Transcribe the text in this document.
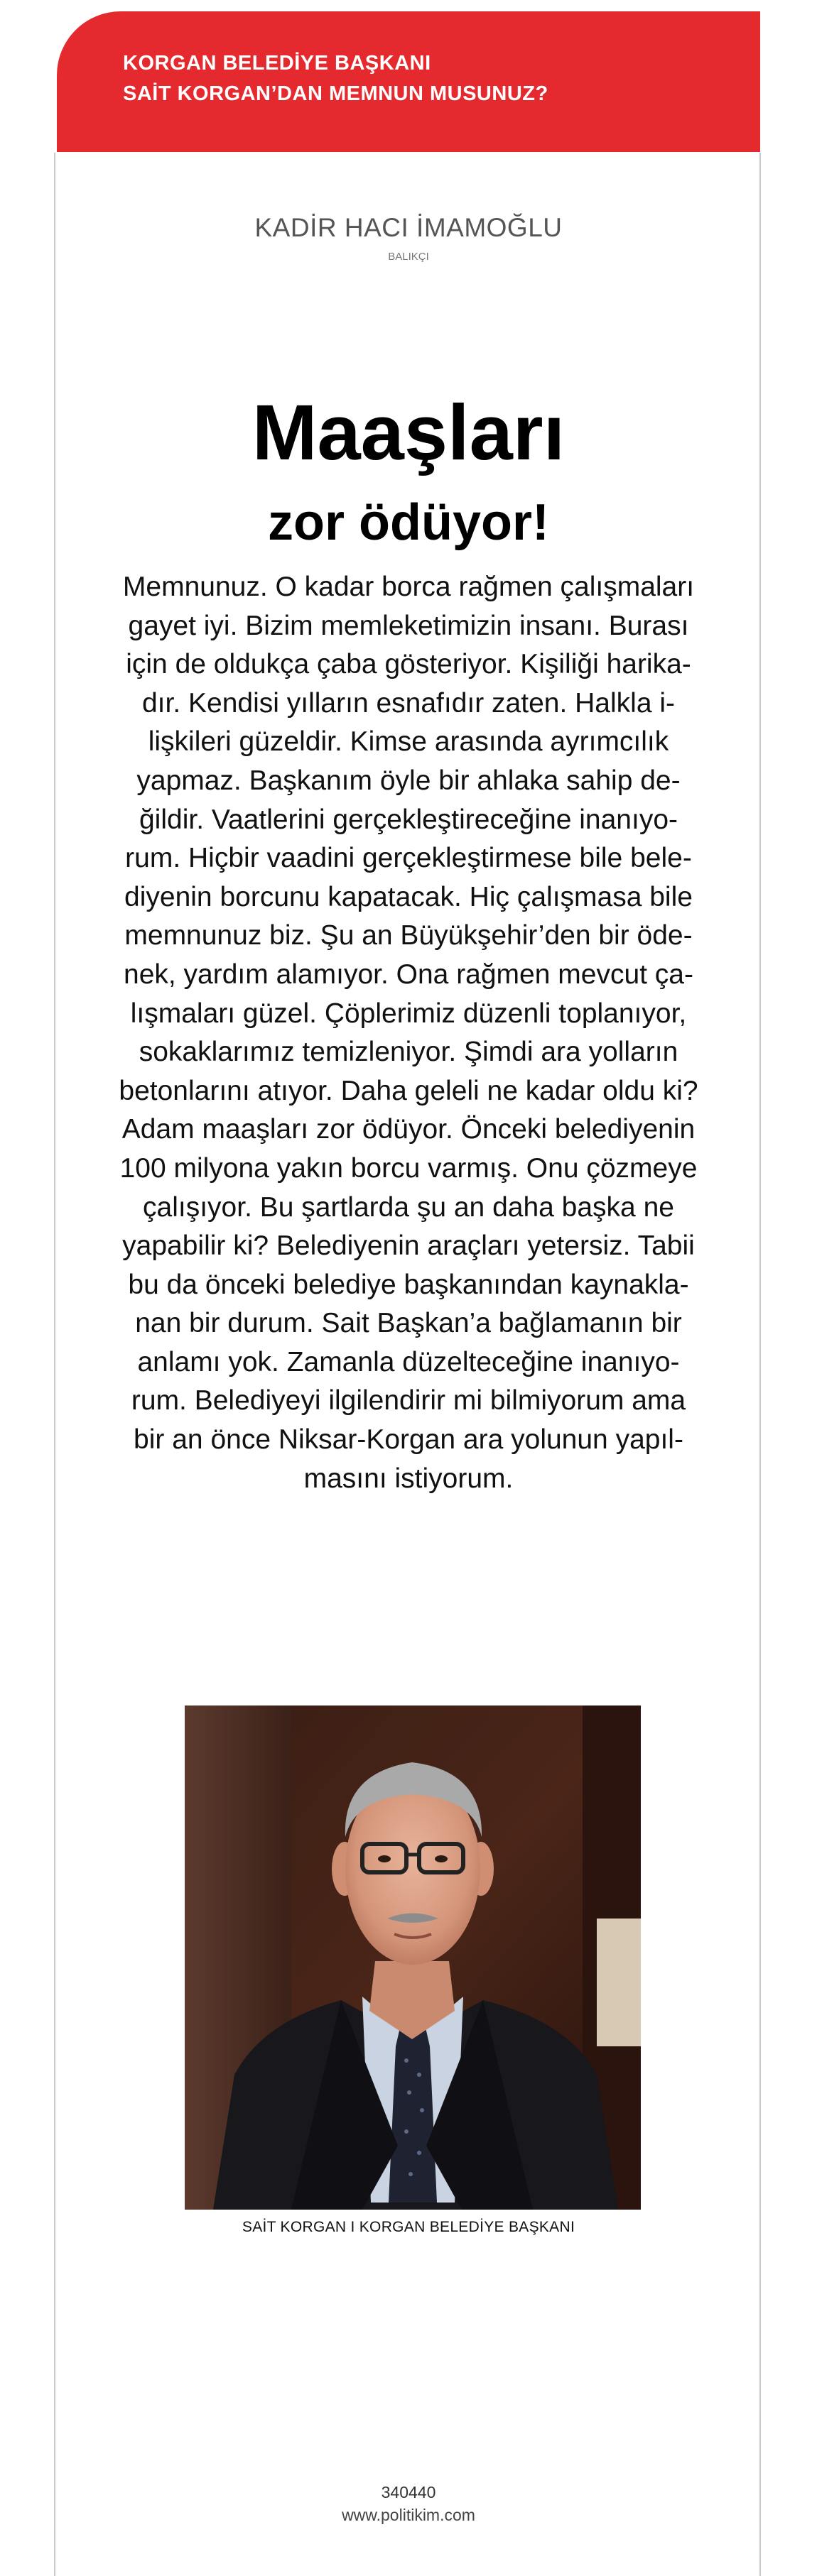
KORGAN BELEDİYE BAŞKANI
SAİT KORGAN’DAN MEMNUN MUSUNUZ?
KADİR HACI İMAMOĞLU
BALIKÇI
Maaşları
zor ödüyor!
Memnunuz. O kadar borca rağmen çalışmaları
gayet iyi. Bizim memleketimizin insanı. Burası
için de oldukça çaba gösteriyor. Kişiliği harika-
dır. Kendisi yılların esnafıdır zaten. Halkla i-
lişkileri güzeldir. Kimse arasında ayrımcılık
yapmaz. Başkanım öyle bir ahlaka sahip de-
ğildir. Vaatlerini gerçekleştireceğine inanıyo-
rum. Hiçbir vaadini gerçekleştirmese bile bele-
diyenin borcunu kapatacak. Hiç çalışmasa bile
memnunuz biz. Şu an Büyükşehir’den bir öde-
nek, yardım alamıyor. Ona rağmen mevcut ça-
lışmaları güzel. Çöplerimiz düzenli toplanıyor,
sokaklarımız temizleniyor. Şimdi ara yolların
betonlarını atıyor. Daha geleli ne kadar oldu ki?
Adam maaşları zor ödüyor. Önceki belediyenin
100 milyona yakın borcu varmış. Onu çözmeye
çalışıyor. Bu şartlarda şu an daha başka ne
yapabilir ki? Belediyenin araçları yetersiz. Tabii
bu da önceki belediye başkanından kaynakla-
nan bir durum. Sait Başkan’a bağlamanın bir
anlamı yok. Zamanla düzelteceğine inanıyo-
rum. Belediyeyi ilgilendirir mi bilmiyorum ama
bir an önce Niksar-Korgan ara yolunun yapıl-
masını istiyorum.
SAİT KORGAN I KORGAN BELEDİYE BAŞKANI
340440
www.politikim.com
